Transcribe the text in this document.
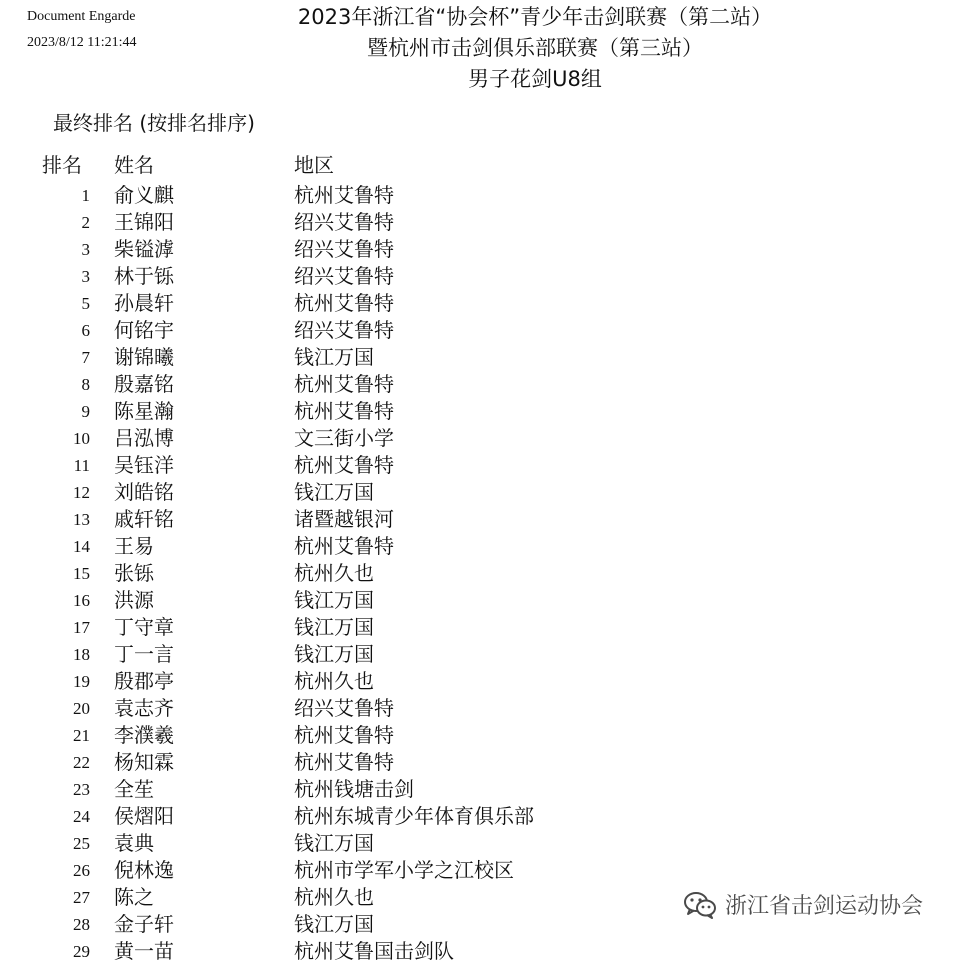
Document Engarde
2023/8/12 11:21:44
2023年浙江省“协会杯”青少年击剑联赛（第二站）
暨杭州市击剑俱乐部联赛（第三站）
男子花剑U8组
最终排名 (按排名排序)
排名 姓名	地区
1 俞义麒	杭州艾鲁特
2 王锦阳	绍兴艾鲁特
3 柴镒滹	绍兴艾鲁特
3 林于铄	绍兴艾鲁特
5 孙晨轩	杭州艾鲁特
6 何铭宇	绍兴艾鲁特
7 谢锦曦	钱江万国
8 殷嘉铭	杭州艾鲁特
9 陈星瀚	杭州艾鲁特
10 吕泓博	文三街小学
11 吴钰洋	杭州艾鲁特
12 刘皓铭	钱江万国
13 戚轩铭	诸暨越银河
14 王易	杭州艾鲁特
15 张铄	杭州久也
16 洪源	钱江万国
17 丁守章	钱江万国
18 丁一言	钱江万国
19 殷郡亭	杭州久也
20 袁志齐	绍兴艾鲁特
21 李濮羲	杭州艾鲁特
22 杨知霖	杭州艾鲁特
23 全苼	杭州钱塘击剑
24 侯熠阳	杭州东城青少年体育俱乐部
25 袁典	钱江万国
26 倪林逸	杭州市学军小学之江校区
27 陈之	杭州久也
28 金子轩	钱江万国
29 黄一苗	杭州艾鲁国击剑队
浙江省击剑运动协会
